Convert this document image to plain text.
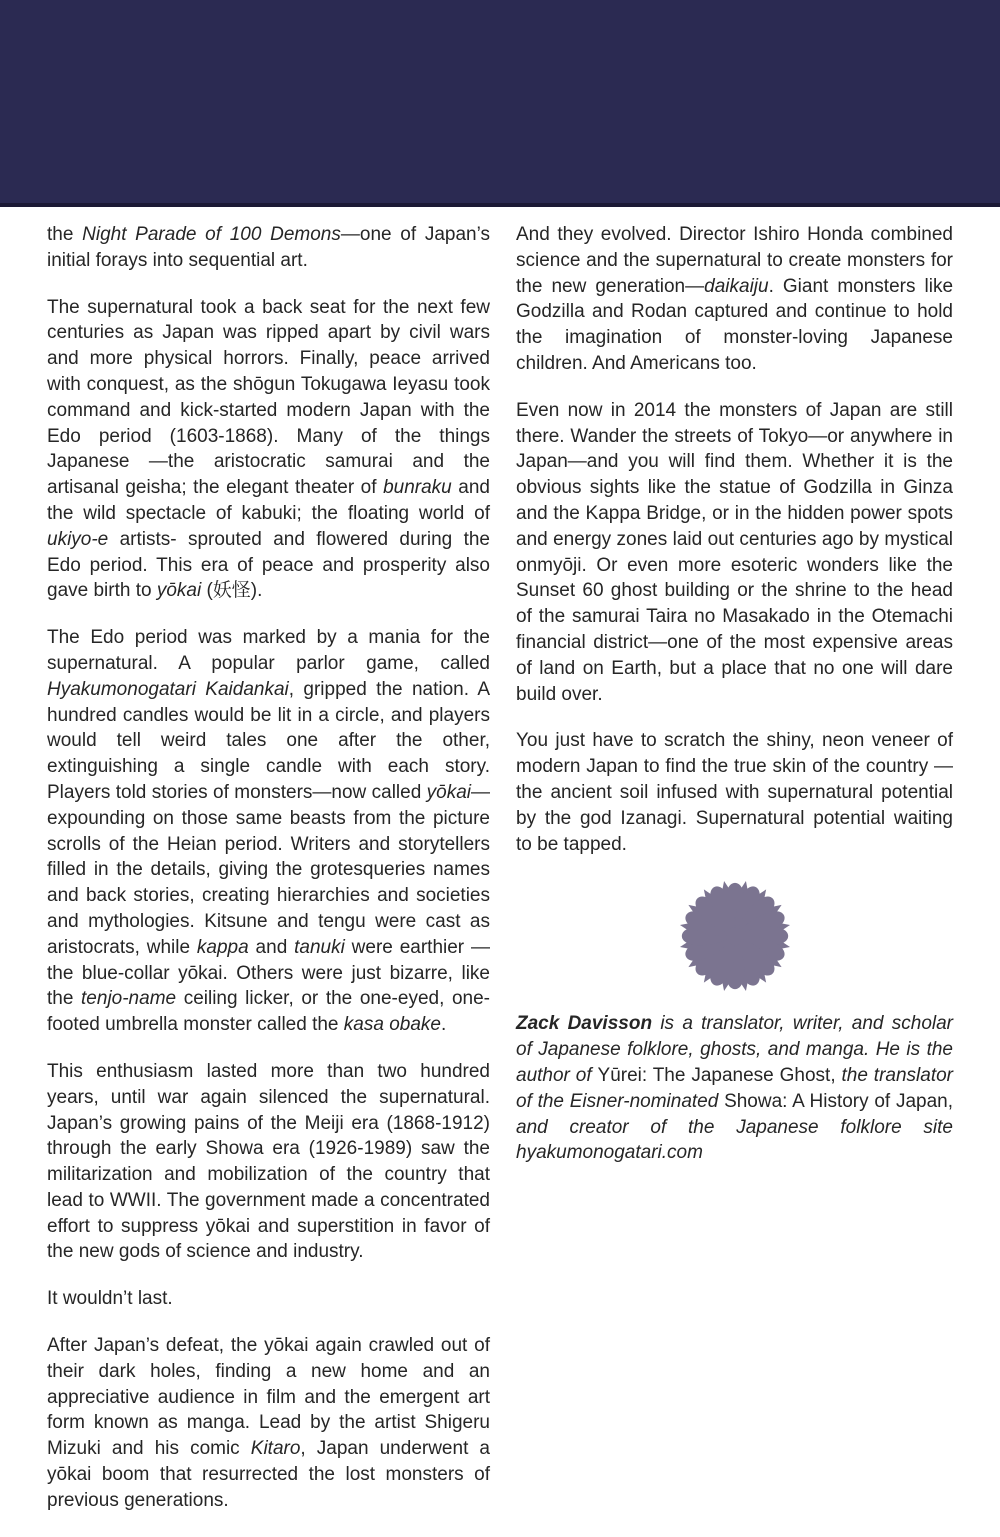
the Night Parade of 100 Demons—one of Japan’s initial forays into sequential art.

The supernatural took a back seat for the next few centuries as Japan was ripped apart by civil wars and more physical horrors. Finally, peace arrived with conquest, as the shōgun Tokugawa Ieyasu took command and kick-started modern Japan with the Edo period (1603-1868). Many of the things Japanese —the aristocratic samurai and the artisanal geisha; the elegant theater of bunraku and the wild spectacle of kabuki; the floating world of ukiyo-e artists- sprouted and flowered during the Edo period. This era of peace and prosperity also gave birth to yōkai (妖怪).

The Edo period was marked by a mania for the supernatural. A popular parlor game, called Hyakumonogatari Kaidankai, gripped the nation. A hundred candles would be lit in a circle, and players would tell weird tales one after the other, extinguishing a single candle with each story. Players told stories of monsters—now called yōkai—expounding on those same beasts from the picture scrolls of the Heian period. Writers and storytellers filled in the details, giving the grotesqueries names and back stories, creating hierarchies and societies and mythologies. Kitsune and tengu were cast as aristocrats, while kappa and tanuki were earthier —the blue-collar yōkai. Others were just bizarre, like the tenjo-name ceiling licker, or the one-eyed, one-footed umbrella monster called the kasa obake.

This enthusiasm lasted more than two hundred years, until war again silenced the supernatural. Japan’s growing pains of the Meiji era (1868-1912) through the early Showa era (1926-1989) saw the militarization and mobilization of the country that lead to WWII. The government made a concentrated effort to suppress yōkai and superstition in favor of the new gods of science and industry.

It wouldn’t last.

After Japan’s defeat, the yōkai again crawled out of their dark holes, finding a new home and an appreciative audience in film and the emergent art form known as manga. Lead by the artist Shigeru Mizuki and his comic Kitaro, Japan underwent a yōkai boom that resurrected the lost monsters of previous generations.

And they evolved. Director Ishiro Honda combined science and the supernatural to create monsters for the new generation—daikaiju. Giant monsters like Godzilla and Rodan captured and continue to hold the imagination of monster-loving Japanese children. And Americans too.

Even now in 2014 the monsters of Japan are still there. Wander the streets of Tokyo—or anywhere in Japan—and you will find them. Whether it is the obvious sights like the statue of Godzilla in Ginza and the Kappa Bridge, or in the hidden power spots and energy zones laid out centuries ago by mystical onmyōji. Or even more esoteric wonders like the Sunset 60 ghost building or the shrine to the head of the samurai Taira no Masakado in the Otemachi financial district—one of the most expensive areas of land on Earth, but a place that no one will dare build over.

You just have to scratch the shiny, neon veneer of modern Japan to find the true skin of the country —the ancient soil infused with supernatural potential by the god Izanagi. Supernatural potential waiting to be tapped.

Zack Davisson is a translator, writer, and scholar of Japanese folklore, ghosts, and manga. He is the author of Yūrei: The Japanese Ghost, the translator of the Eisner-nominated Showa: A History of Japan, and creator of the Japanese folklore site hyakumonogatari.com
